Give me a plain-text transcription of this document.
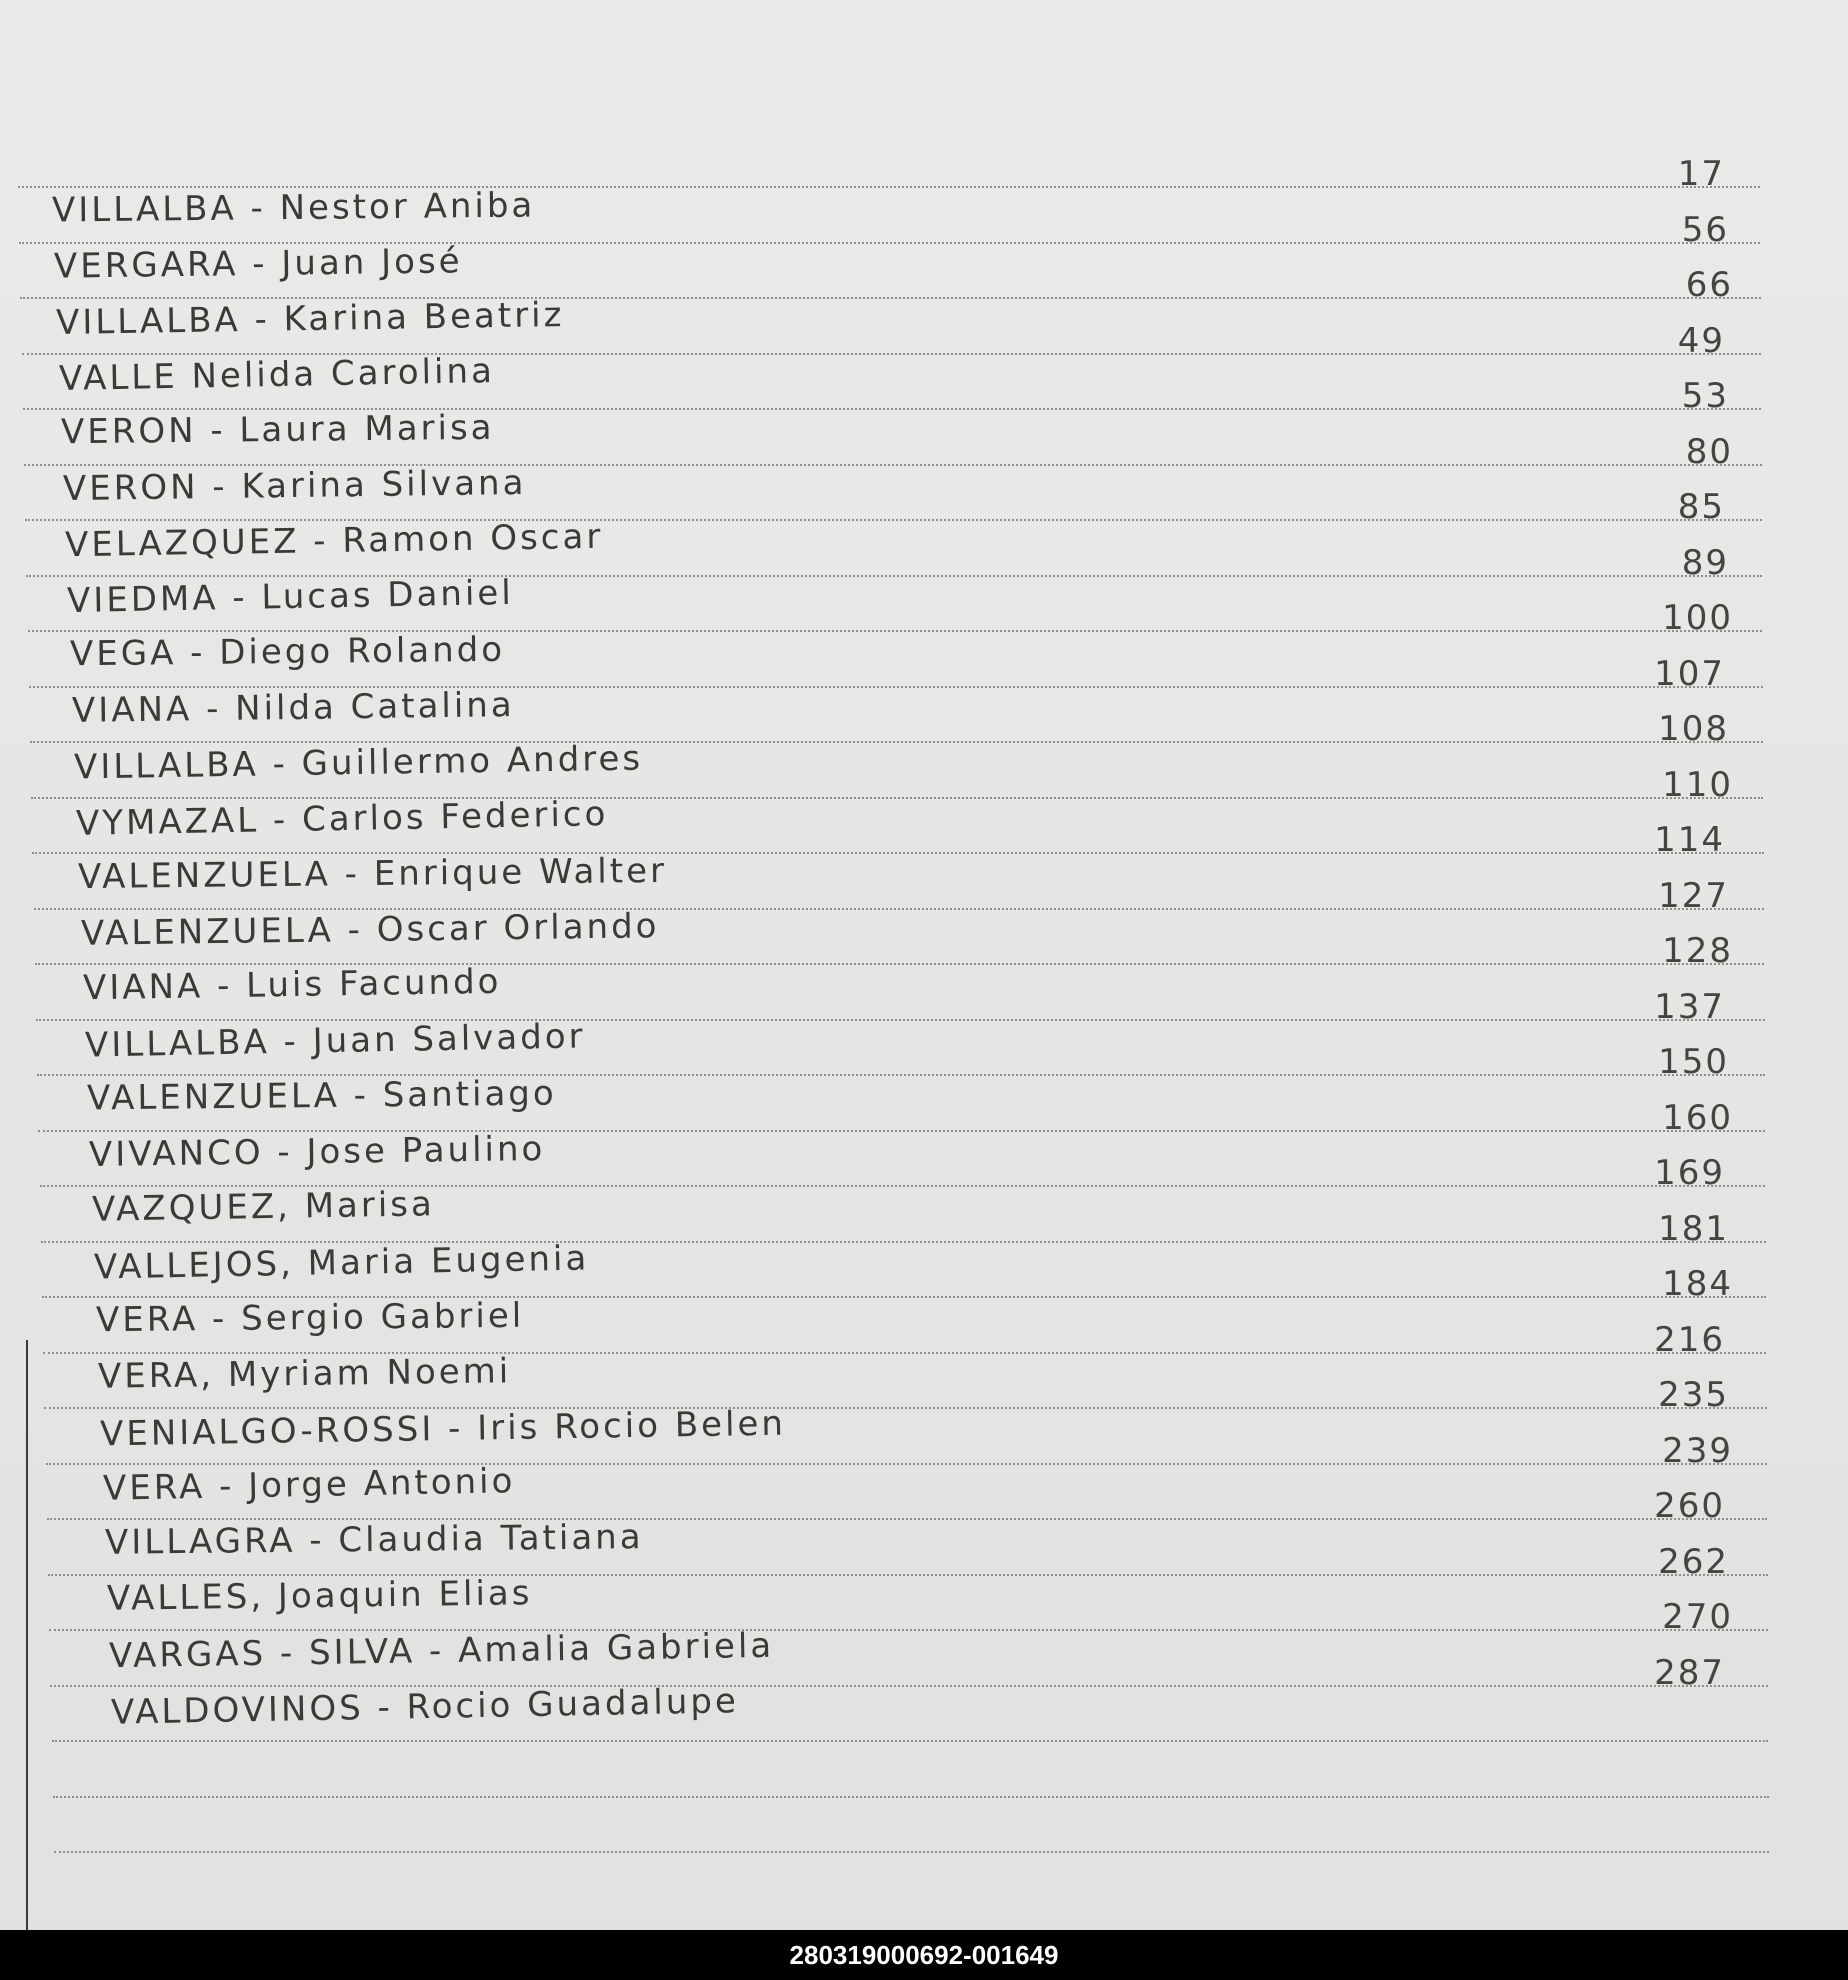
VILLALBA - Nestor Aniba
17
VERGARA - Juan José
56
VILLALBA - Karina Beatriz
66
VALLE Nelida Carolina
49
VERON - Laura Marisa
53
VERON - Karina Silvana
80
VELAZQUEZ - Ramon Oscar
85
VIEDMA - Lucas Daniel
89
VEGA - Diego Rolando
100
VIANA - Nilda Catalina
107
VILLALBA - Guillermo Andres
108
VYMAZAL - Carlos Federico
110
VALENZUELA - Enrique Walter
114
VALENZUELA - Oscar Orlando
127
VIANA - Luis Facundo
128
VILLALBA - Juan Salvador
137
VALENZUELA - Santiago
150
VIVANCO - Jose Paulino
160
VAZQUEZ, Marisa
169
VALLEJOS, Maria Eugenia
181
VERA - Sergio Gabriel
184
VERA, Myriam Noemi
216
VENIALGO-ROSSI - Iris Rocio Belen
235
VERA - Jorge Antonio
239
VILLAGRA - Claudia Tatiana
260
VALLES, Joaquin Elias
262
VARGAS - SILVA - Amalia Gabriela
270
VALDOVINOS - Rocio Guadalupe
287
280319000692-001649
